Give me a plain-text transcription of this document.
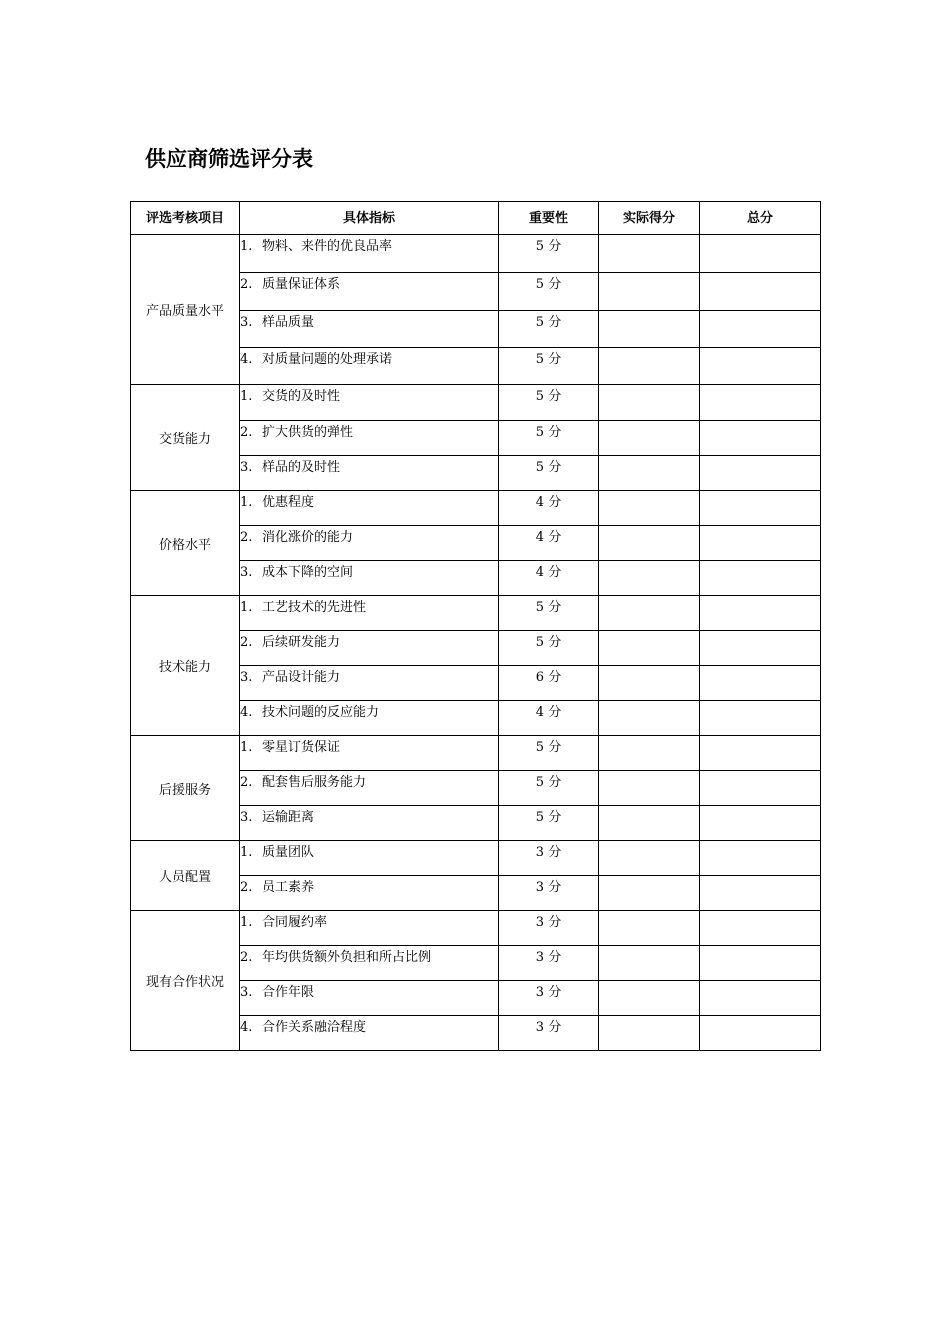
供应商筛选评分表
评选考核项目	具体指标	重要性	实际得分	总分
产品质量水平	1. 物料、来件的优良品率	5 分		
	2. 质量保证体系	5 分		
	3. 样品质量	5 分		
	4. 对质量问题的处理承诺	5 分		
交货能力	1. 交货的及时性	5 分		
	2. 扩大供货的弹性	5 分		
	3. 样品的及时性	5 分		
价格水平	1. 优惠程度	4 分		
	2. 消化涨价的能力	4 分		
	3. 成本下降的空间	4 分		
技术能力	1. 工艺技术的先进性	5 分		
	2. 后续研发能力	5 分		
	3. 产品设计能力	6 分		
	4. 技术问题的反应能力	4 分		
后援服务	1. 零星订货保证	5 分		
	2. 配套售后服务能力	5 分		
	3. 运输距离	5 分		
人员配置	1. 质量团队	3 分		
	2. 员工素养	3 分		
现有合作状况	1. 合同履约率	3 分		
	2. 年均供货额外负担和所占比例	3 分		
	3. 合作年限	3 分		
	4. 合作关系融洽程度	3 分		
